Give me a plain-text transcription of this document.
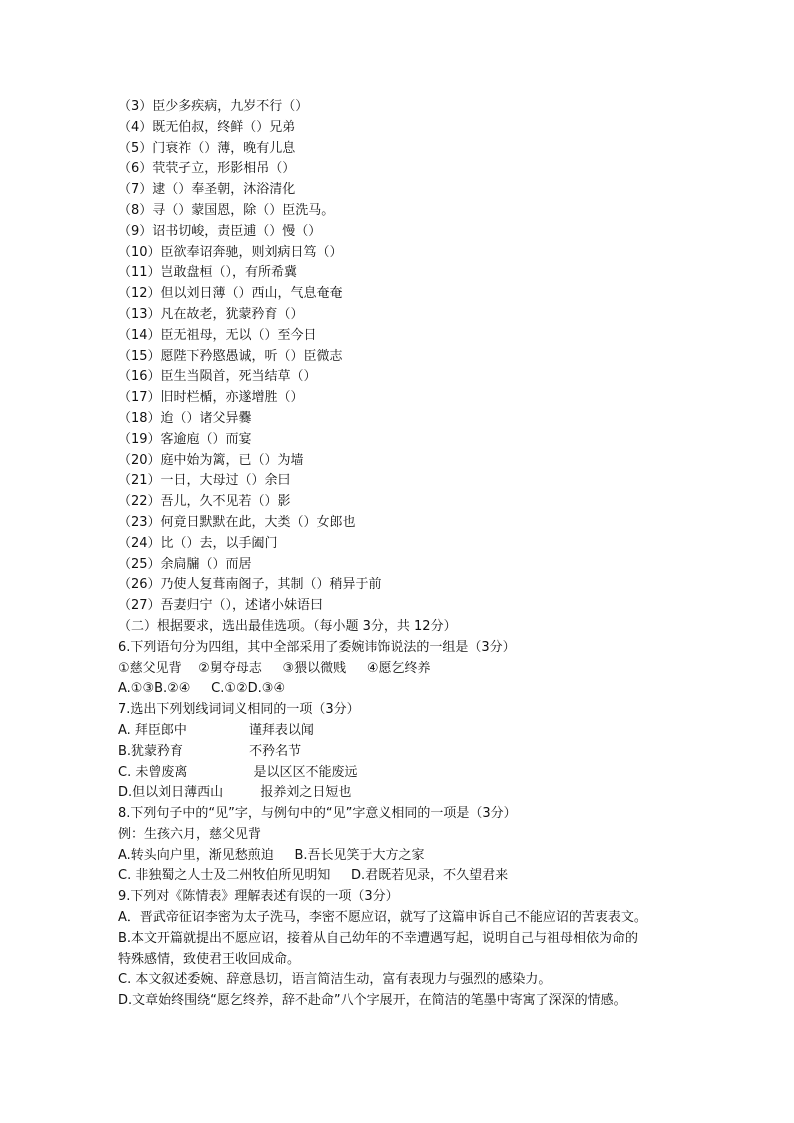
（3）臣少多疾病，九岁不行（）
（4）既无伯叔，终鲜（）兄弟
（5）门衰祚（）薄，晚有儿息
（6）茕茕孑立，形影相吊（）
（7）逮（）奉圣朝，沐浴清化
（8）寻（）蒙国恩，除（）臣洗马。
（9）诏书切峻，责臣逋（）慢（）
（10）臣欲奉诏奔驰，则刘病日笃（）
（11）岂敢盘桓（），有所希冀
（12）但以刘日薄（）西山，气息奄奄
（13）凡在故老，犹蒙矜育（）
（14）臣无祖母，无以（）至今日
（15）愿陛下矜愍愚诚，听（）臣微志
（16）臣生当陨首，死当结草（）
（17）旧时栏楯，亦遂增胜（）
（18）迨（）诸父异爨
（19）客逾庖（）而宴
（20）庭中始为篱，已（）为墙
（21）一日，大母过（）余曰
（22）吾儿，久不见若（）影
（23）何竟日默默在此，大类（）女郎也
（24）比（）去，以手阖门
（25）余扃牖（）而居
（26）乃使人复葺南阁子，其制（）稍异于前
（27）吾妻归宁（），述诸小妹语曰
（二）根据要求，选出最佳选项。（每小题 3分，共 12分）
6.下列语句分为四组，其中全部采用了委婉讳饰说法的一组是（3分）
①慈父见背    ②舅夺母志     ③猥以微贱     ④愿乞终养
A.①③B.②④     C.①②D.③④
7.选出下列划线词词义相同的一项（3分）
A. 拜臣郎中               谨拜表以闻
B.犹蒙矜育                不矜名节
C. 未曾废离                是以区区不能废远
D.但以刘日薄西山         报养刘之日短也
8.下列句子中的“见”字，与例句中的“见”字意义相同的一项是（3分）
例：生孩六月，慈父见背
A.转头向户里，渐见愁煎迫     B.吾长见笑于大方之家
C. 非独蜀之人士及二州牧伯所见明知     D.君既若见录，不久望君来
9.下列对《陈情表》理解表述有误的一项（3分）
A．晋武帝征诏李密为太子洗马，李密不愿应诏，就写了这篇申诉自己不能应诏的苦衷表文。
B.本文开篇就提出不愿应诏，接着从自己幼年的不幸遭遇写起，说明自己与祖母相依为命的
特殊感情，致使君王收回成命。
C. 本文叙述委婉、辞意恳切，语言简洁生动，富有表现力与强烈的感染力。
D.文章始终围绕“愿乞终养，辞不赴命”八个字展开，在简洁的笔墨中寄寓了深深的情感。
